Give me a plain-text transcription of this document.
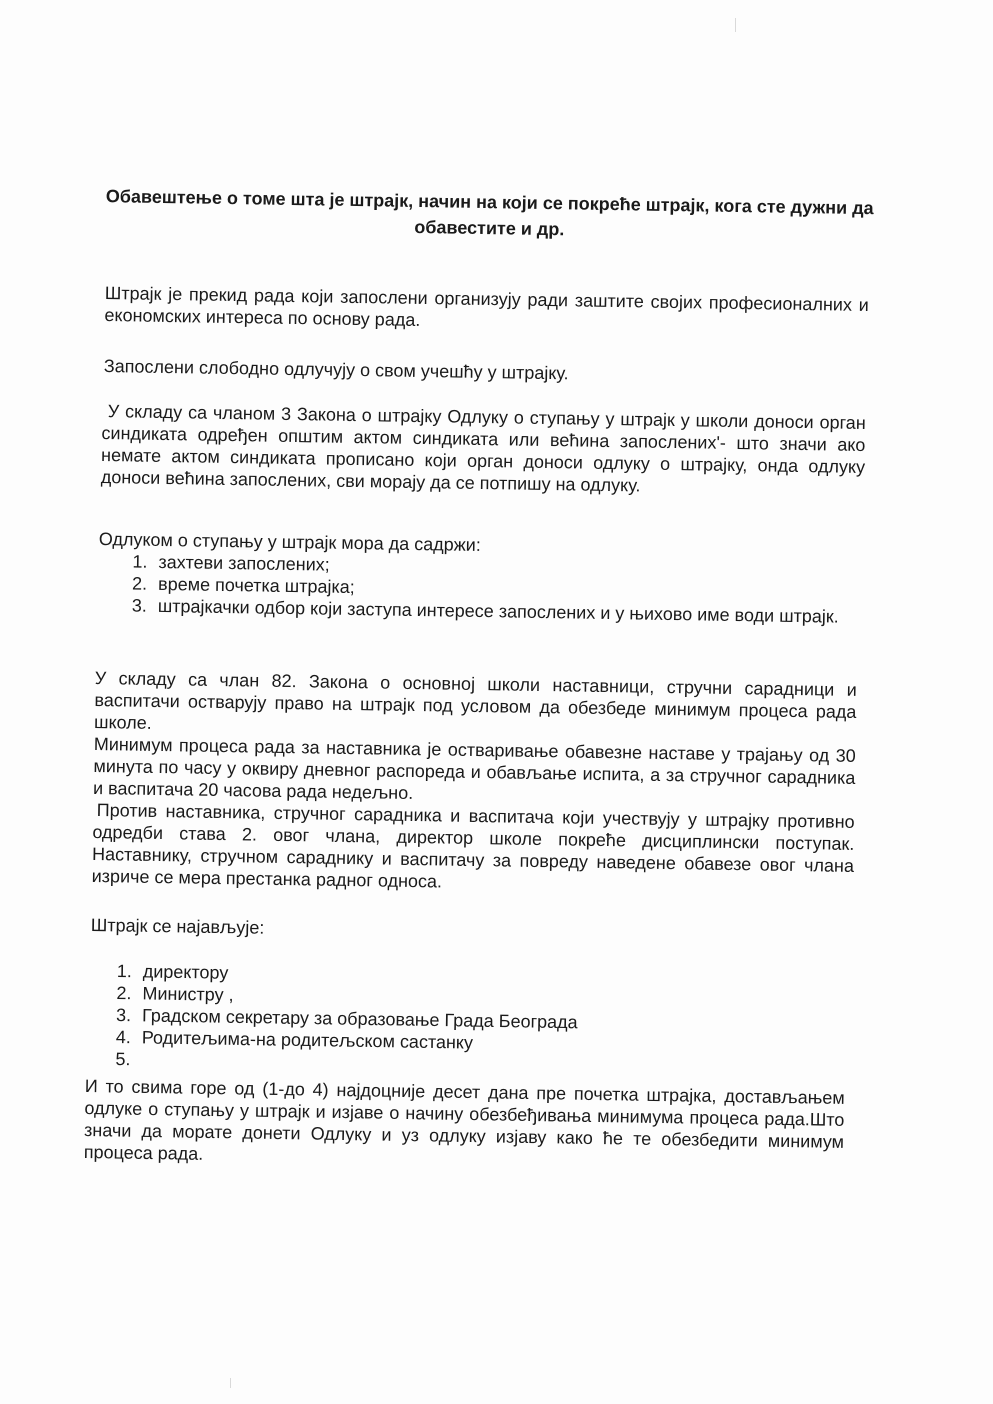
Обавештење о томе шта је штрајк, начин на који се покреће штрајк, кога сте дужни да обавестите и др.

Штрајк је прекид рада који запослени организују ради заштите својих професионалних и економских интереса по основу рада.

Запослени слободно одлучују о свом учешћу у штрајку.

У складу са чланом 3 Закона о штрајку Одлуку о ступању у штрајк у школи доноси орган синдиката одређен општим актом синдиката или већина запослених'- што значи ако немате актом синдиката прописано који орган доноси одлуку о штрајку, онда одлуку доноси већина запослених, сви морају да се потпишу на одлуку.

Одлуком о ступању у штрајк мора да садржи:

1. захтеви запослених;
2. време почетка штрајка;
3. штрајкачки одбор који заступа интересе запослених и у њихово име води штрајк.

У складу са члан 82. Закона о основној школи наставници, стручни сарадници и васпитачи остварују право на штрајк под условом да обезбеде минимум процеса рада школе.

Минимум процеса рада за наставника је остваривање обавезне наставе у трајању од 30 минута по часу у оквиру дневног распореда и обављање испита, а за стручног сарадника и васпитача 20 часова рада недељно.

Против наставника, стручног сарадника и васпитача који учествују у штрајку противно одредби става 2. овог члана, директор школе покреће дисциплински поступак. Наставнику, стручном сараднику и васпитачу за повреду наведене обавезе овог члана изриче се мера престанка радног односа.

Штрајк се најављује:

1. директору
2. Министру ,
3. Градском секретару за образовање Града Београда
4. Родитељима-на родитељском састанку
5.

И то свима горе од (1-до 4) најдоцније десет дана пре почетка штрајка, достављањем одлуке о ступању у штрајк и изјаве о начину обезбеђивања минимума процеса рада.Што значи да морате донети Одлуку и уз одлуку изјаву како ће те обезбедити минимум процеса рада.
